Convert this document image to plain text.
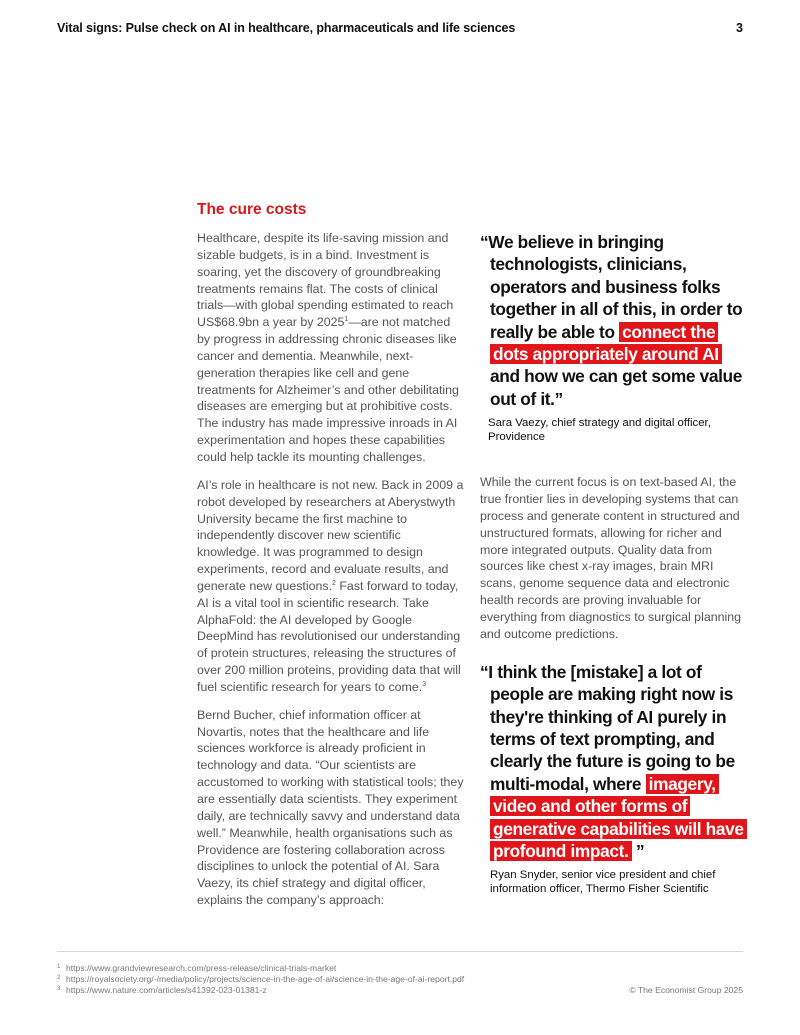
Vital signs: Pulse check on AI in healthcare, pharmaceuticals and life sciences	3
The cure costs

Healthcare, despite its life-saving mission and sizable budgets, is in a bind. Investment is soaring, yet the discovery of groundbreaking treatments remains flat. The costs of clinical trials—with global spending estimated to reach US$68.9bn a year by 2025$^1$—are not matched by progress in addressing chronic diseases like cancer and dementia. Meanwhile, next-generation therapies like cell and gene treatments for Alzheimer’s and other debilitating diseases are emerging but at prohibitive costs. The industry has made impressive inroads in AI experimentation and hopes these capabilities could help tackle its mounting challenges.

AI’s role in healthcare is not new. Back in 2009 a robot developed by researchers at Aberystwyth University became the first machine to independently discover new scientific knowledge. It was programmed to design experiments, record and evaluate results, and generate new questions.$^2$ Fast forward to today, AI is a vital tool in scientific research. Take AlphaFold: the AI developed by Google DeepMind has revolutionised our understanding of protein structures, releasing the structures of over 200 million proteins, providing data that will fuel scientific research for years to come.$^3$

Bernd Bucher, chief information officer at Novartis, notes that the healthcare and life sciences workforce is already proficient in technology and data. “Our scientists are accustomed to working with statistical tools; they are essentially data scientists. They experiment daily, are technically savvy and understand data well.” Meanwhile, health organisations such as Providence are fostering collaboration across disciplines to unlock the potential of AI. Sara Vaezy, its chief strategy and digital officer, explains the company’s approach:

“We believe in bringing technologists, clinicians, operators and business folks together in all of this, in order to really be able to connect the dots appropriately around AI and how we can get some value out of it.”
Sara Vaezy, chief strategy and digital officer, Providence
While the current focus is on text-based AI, the true frontier lies in developing systems that can process and generate content in structured and unstructured formats, allowing for richer and more integrated outputs. Quality data from sources like chest x-ray images, brain MRI scans, genome sequence data and electronic health records are proving invaluable for everything from diagnostics to surgical planning and outcome predictions.
“I think the [mistake] a lot of people are making right now is they're thinking of AI purely in terms of text prompting, and clearly the future is going to be multi-modal, where imagery, video and other forms of generative capabilities will have profound impact. ”
Ryan Snyder, senior vice president and chief information officer, Thermo Fisher Scientific
1 https://www.grandviewresearch.com/press-release/clinical-trials-market
2 https://royalsociety.org/-/media/policy/projects/science-in-the-age-of-ai/science-in-the-age-of-ai-report.pdf
3 https://www.nature.com/articles/s41392-023-01381-z	© The Economist Group 2025
